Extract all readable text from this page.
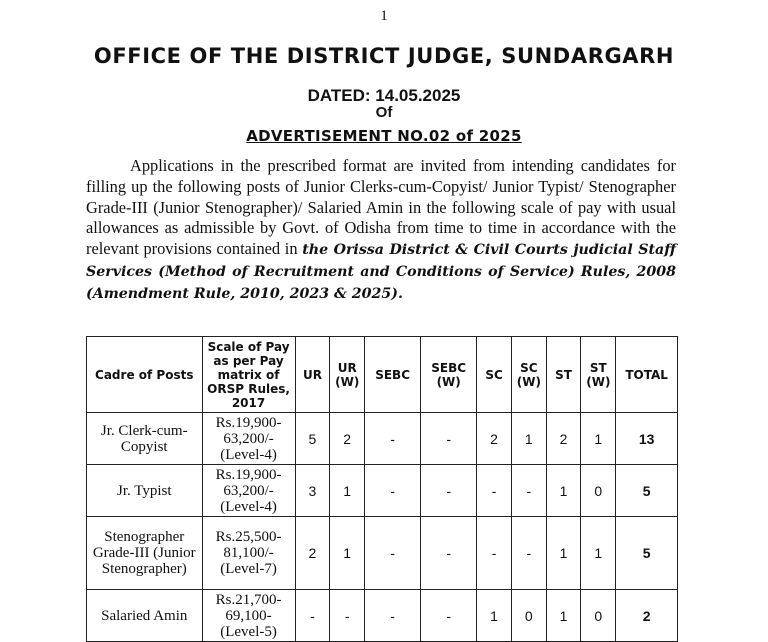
1
OFFICE OF THE DISTRICT JUDGE, SUNDARGARH
DATED: 14.05.2025
Of
ADVERTISEMENT NO.02 of 2025
Applications in the prescribed format are invited from intending candidates for filling up the following posts of Junior Clerks-cum-Copyist/ Junior Typist/ Stenographer Grade-III (Junior Stenographer)/ Salaried Amin in the following scale of pay with usual allowances as admissible by Govt. of Odisha from time to time in accordance with the relevant provisions contained in the Orissa District & Civil Courts judicial Staff Services (Method of Recruitment and Conditions of Service) Rules, 2008 (Amendment Rule, 2010, 2023 & 2025).
Cadre of Posts	Scale of Pay as per Pay matrix of ORSP Rules, 2017	UR	UR (W)	SEBC	SEBC (W)	SC	SC (W)	ST	ST (W)	TOTAL
Jr. Clerk-cum-Copyist	Rs.19,900-63,200/-(Level-4)	5	2	-	-	2	1	2	1	13
Jr. Typist	Rs.19,900-63,200/-(Level-4)	3	1	-	-	-	-	1	0	5
Stenographer Grade-III (Junior Stenographer)	Rs.25,500-81,100/-(Level-7)	2	1	-	-	-	-	1	1	5
Salaried Amin	Rs.21,700-69,100-(Level-5)	-	-	-	-	1	0	1	0	2
